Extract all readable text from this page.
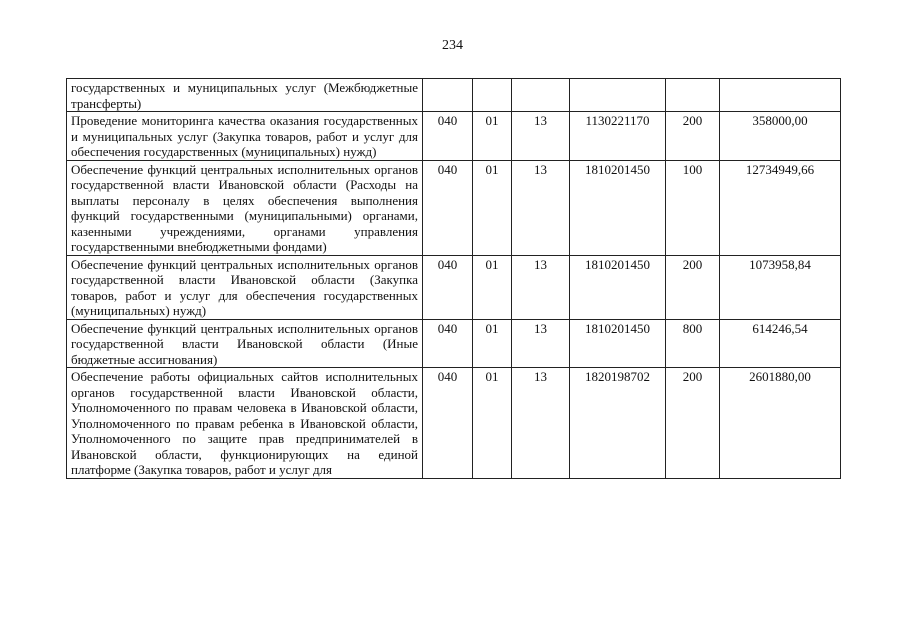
234
государственных и муниципальных услуг (Межбюджетные трансферты)						
Проведение мониторинга качества оказания государственных и муниципальных услуг (Закупка товаров, работ и услуг для обеспечения государственных (муниципальных) нужд)	040	01	13	1130221170	200	358000,00
Обеспечение функций центральных исполнительных органов государственной власти Ивановской области (Расходы на выплаты персоналу в целях обеспечения выполнения функций государственными (муниципальными) органами, казенными учреждениями, органами управления государственными внебюджетными фондами)	040	01	13	1810201450	100	12734949,66
Обеспечение функций центральных исполнительных органов государственной власти Ивановской области (Закупка товаров, работ и услуг для обеспечения государственных (муниципальных) нужд)	040	01	13	1810201450	200	1073958,84
Обеспечение функций центральных исполнительных органов государственной власти Ивановской области (Иные бюджетные ассигнования)	040	01	13	1810201450	800	614246,54
Обеспечение работы официальных сайтов исполнительных органов государственной власти Ивановской области, Уполномоченного по правам человека в Ивановской области, Уполномоченного по правам ребенка в Ивановской области, Уполномоченного по защите прав предпринимателей в Ивановской области, функционирующих на единой платформе (Закупка товаров, работ и услуг для	040	01	13	1820198702	200	2601880,00
